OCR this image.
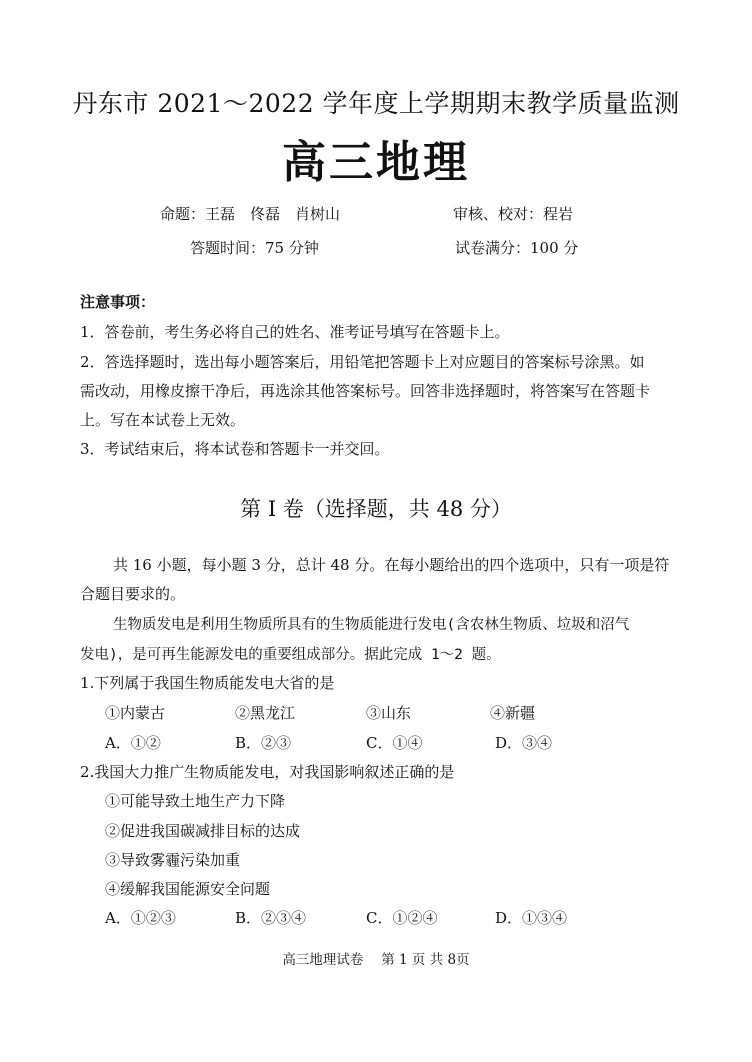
丹东市 2021～2022 学年度上学期期末教学质量监测
高三地理
命题：王磊　佟磊　肖树山	审核、校对：程岩
答题时间：75 分钟	试卷满分：100 分
注意事项：
1．答卷前，考生务必将自己的姓名、准考证号填写在答题卡上。
2．答选择题时，选出每小题答案后，用铅笔把答题卡上对应题目的答案标号涂黑。如
需改动，用橡皮擦干净后，再选涂其他答案标号。回答非选择题时，将答案写在答题卡
上。写在本试卷上无效。
3．考试结束后，将本试卷和答题卡一并交回。
第 I 卷（选择题，共 48 分）
共 16 小题，每小题 3 分，总计 48 分。在每小题给出的四个选项中，只有一项是符
合题目要求的。
生物质发电是利用生物质所具有的生物质能进行发电(含农林生物质、垃圾和沼气
发电)，是可再生能源发电的重要组成部分。据此完成 1～2 题。
1.下列属于我国生物质能发电大省的是
①内蒙古	②黑龙江	③山东	④新疆
A．①②	B．②③	C．①④	D．③④
2.我国大力推广生物质能发电，对我国影响叙述正确的是
①可能导致土地生产力下降
②促进我国碳减排目标的达成
③导致雾霾污染加重
④缓解我国能源安全问题
A．①②③	B．②③④	C．①②④	D．①③④
高三地理试卷　 第 1 页 共 8页
